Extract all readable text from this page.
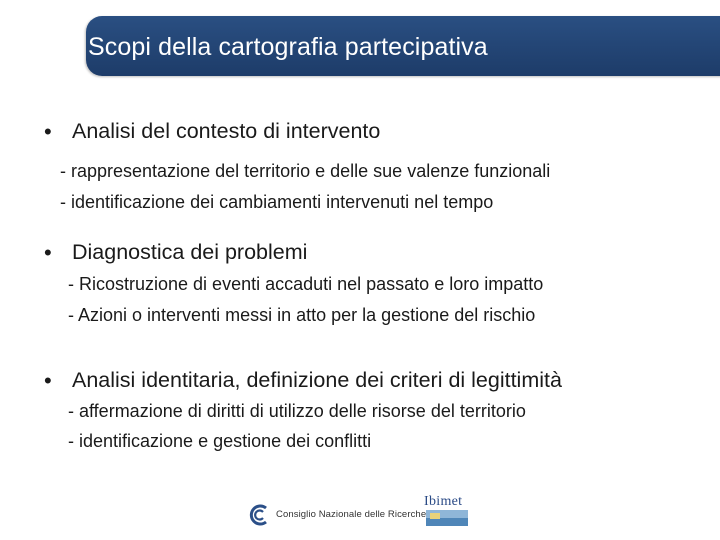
Scopi della cartografia partecipativa
• Analisi del contesto di intervento
- rappresentazione del territorio e delle sue valenze funzionali
- identificazione dei cambiamenti intervenuti nel tempo
• Diagnostica dei problemi
- Ricostruzione di eventi accaduti nel passato e loro impatto
- Azioni o interventi messi in atto per la gestione del rischio
• Analisi identitaria, definizione dei criteri di legittimità
- affermazione di diritti di utilizzo delle risorse del territorio
- identificazione e gestione dei conflitti
Consiglio Nazionale delle Ricerche
Ibimet
